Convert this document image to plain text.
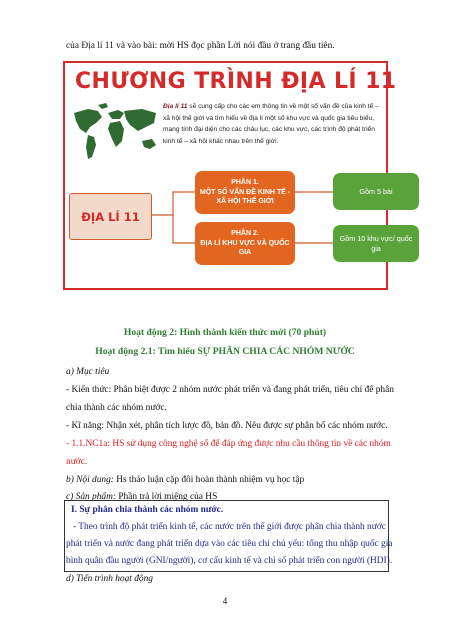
của Địa lí 11 và vào bài: mời HS đọc phần Lời nói đầu ở trang đầu tiên.
CHƯƠNG TRÌNH ĐỊA LÍ 11
Địa lí 11 sẽ cung cấp cho các em thông tin về một số vấn đề của kinh tế – xã hội thế giới và tìm hiểu về địa lí một số khu vực và quốc gia tiêu biểu, mang tính đại diện cho các châu lục, các khu vực, các trình độ phát triển kinh tế – xã hội khác nhau trên thế giới.
ĐỊA LÍ 11
PHẦN 1.
MỘT SỐ VẤN ĐỀ KINH TẾ - XÃ HỘI THẾ GIỚI
PHẦN 2.
ĐỊA LÍ KHU VỰC VÀ QUỐC GIA
Gồm 5 bài
Gồm 10 khu vực/ quốc gia
Hoạt động 2: Hình thành kiến thức mới (70 phút)
Hoạt động 2.1: Tìm hiểu SỰ PHÂN CHIA CÁC NHÓM NƯỚC
a) Mục tiêu
- Kiến thức: Phân biệt được 2 nhóm nước phát triển và đang phát triển, tiêu chí để phân
chia thành các nhóm nước.
- Kĩ năng: Nhận xét, phân tích lược đồ, bản đồ. Nêu được sự phân bố các nhóm nước.
- 1.1.NC1a: HS sử dụng công nghệ số để đáp ứng được nhu cầu thông tin về các nhóm
nước.
b) Nội dung: Hs thảo luận cặp đôi hoàn thành nhiệm vụ học tập
c) Sản phẩm: Phần trả lời miệng của HS
I. Sự phân chia thành các nhóm nước.
- Theo trình độ phát triển kinh tế, các nước trên thế giới được phân chia thành nước
phát triển và nước đang phát triển dựa vào các tiêu chí chủ yếu: tổng thu nhập quốc gia
bình quân đầu người (GNI/người), cơ cấu kinh tế và chỉ số phát triển con người (HDI).
d) Tiến trình hoạt động
4
